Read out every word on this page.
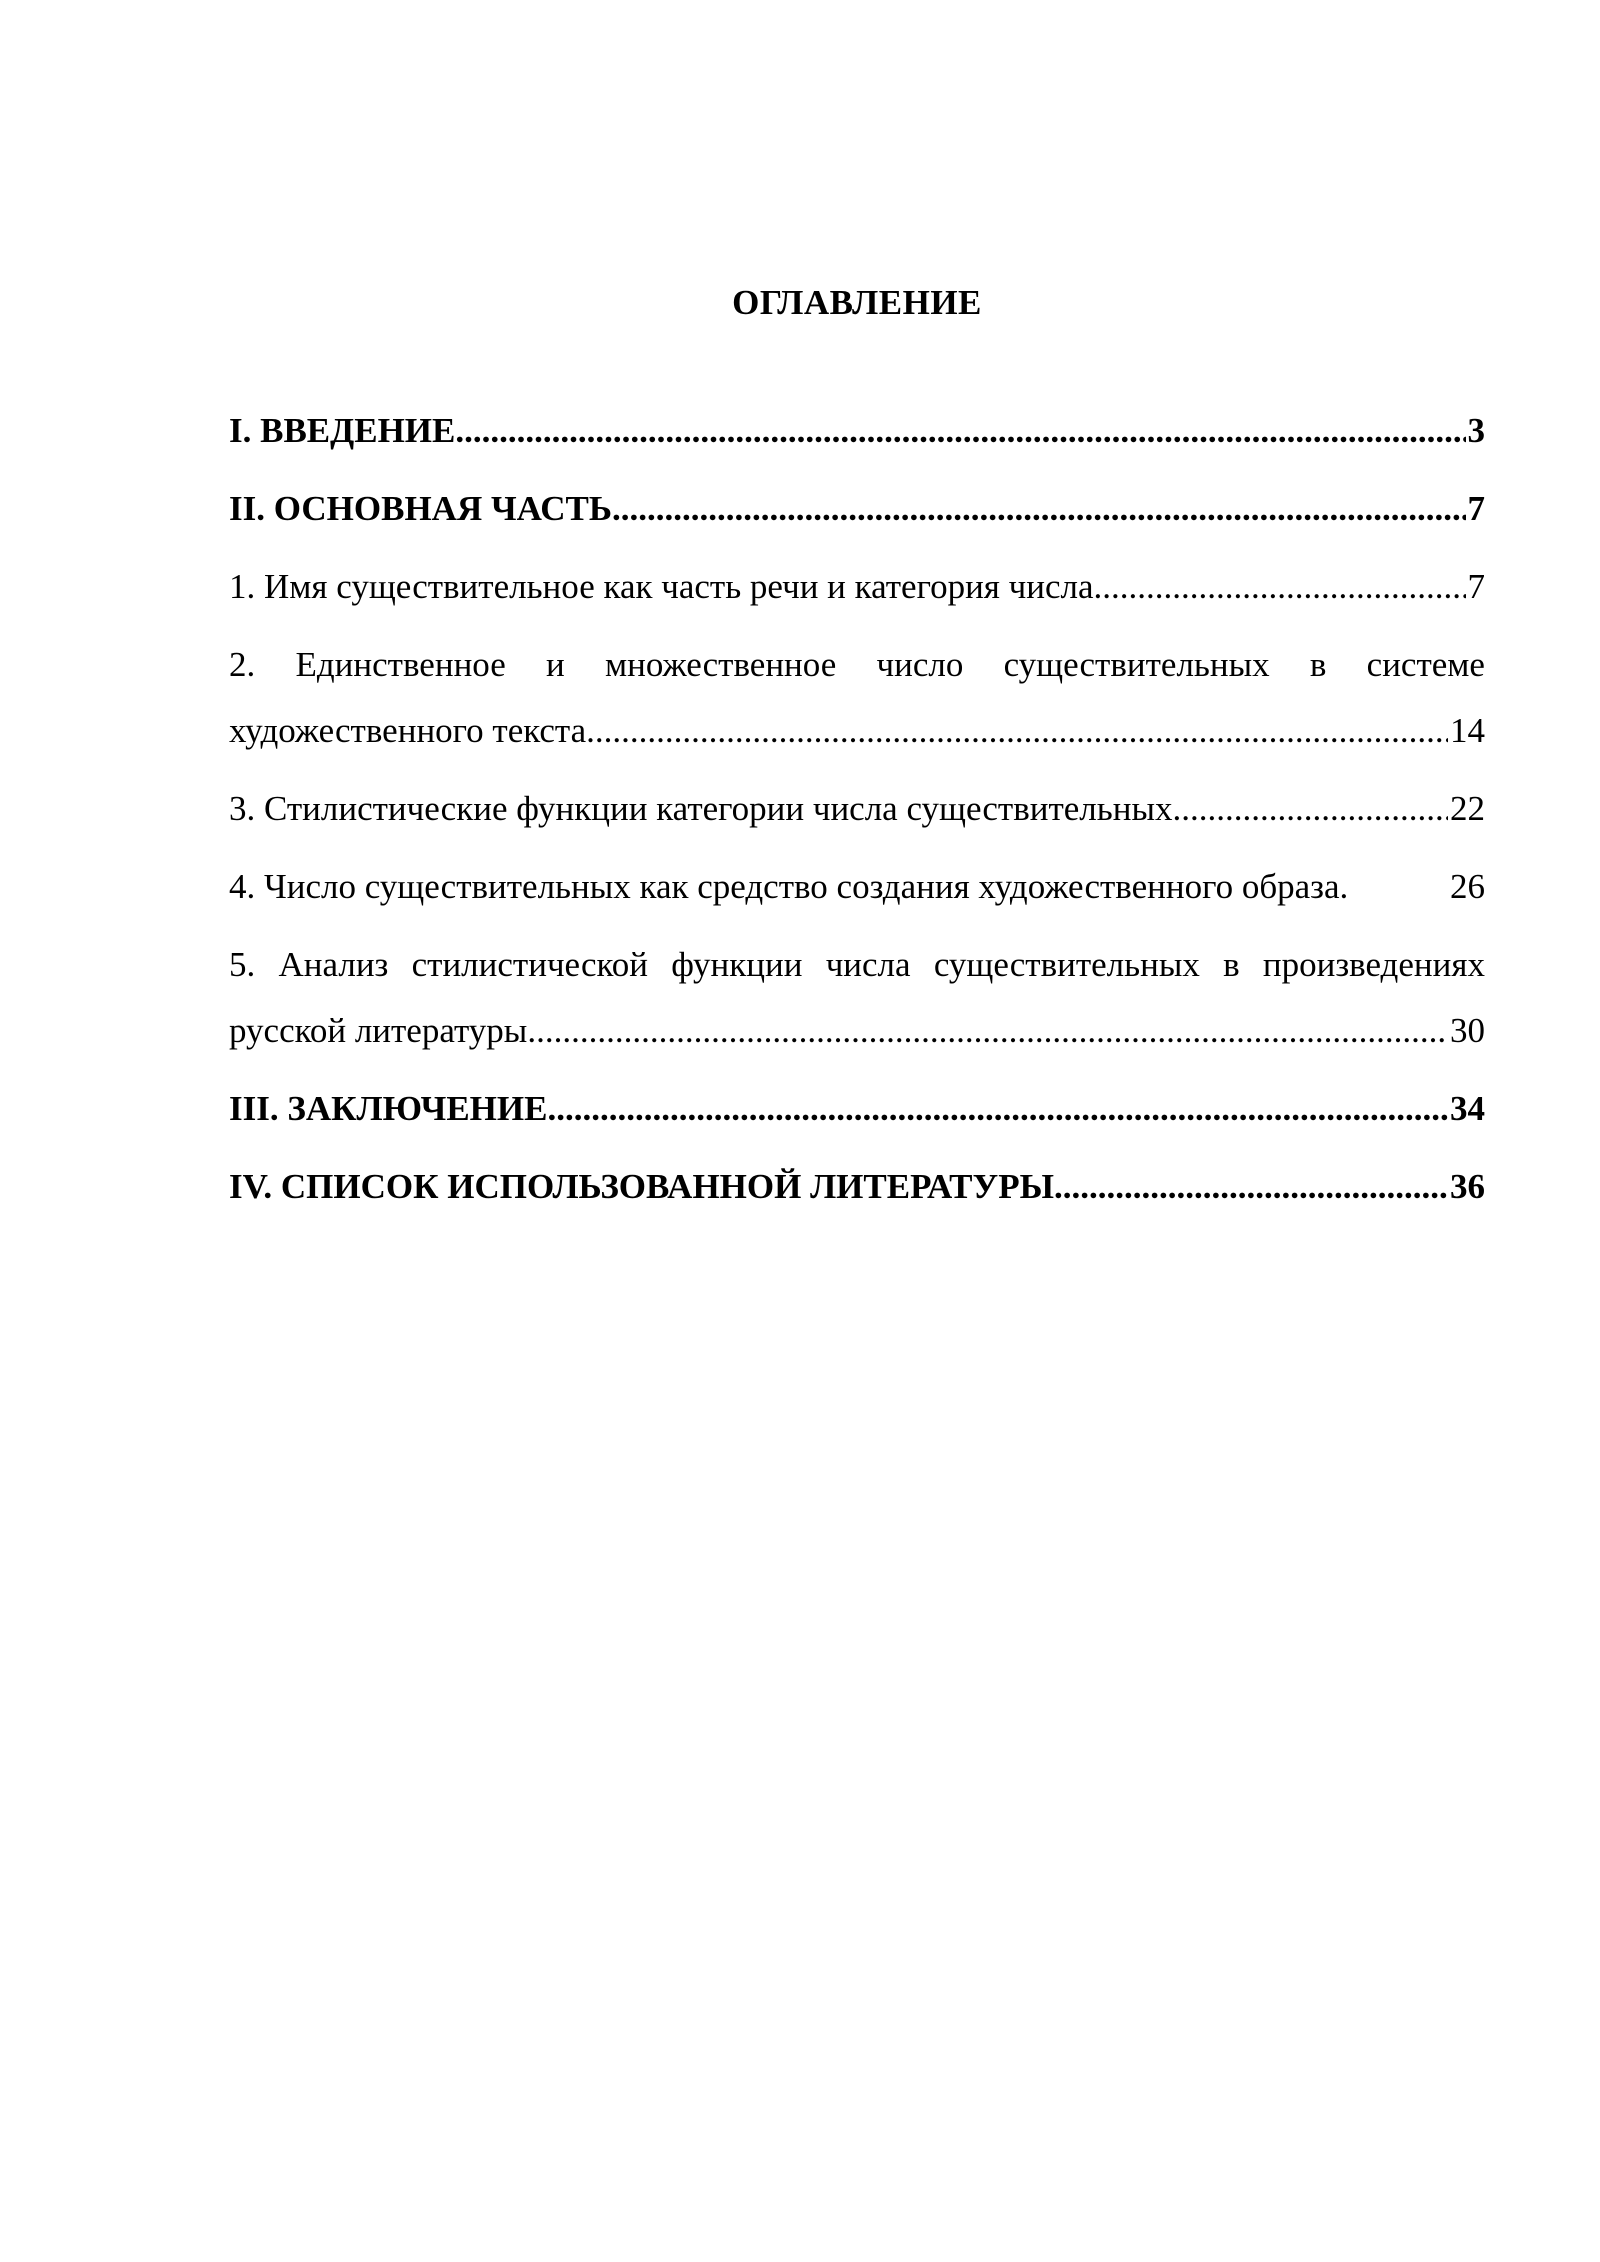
ОГЛАВЛЕНИЕ
I. ВВЕДЕНИЕ .....	3
II. ОСНОВНАЯ ЧАСТЬ .....	7
1. Имя существительное как часть речи и категория числа .....	7
2. Единственное и множественное число существительных в системе
художественного текста .....	14
3. Стилистические функции категории числа существительных .....	22
4. Число существительных как средство создания художественного образа.	26
5. Анализ стилистической функции числа существительных в произведениях
русской литературы .....	30
III. ЗАКЛЮЧЕНИЕ .....	34
IV. СПИСОК ИСПОЛЬЗОВАННОЙ ЛИТЕРАТУРЫ .....	36
